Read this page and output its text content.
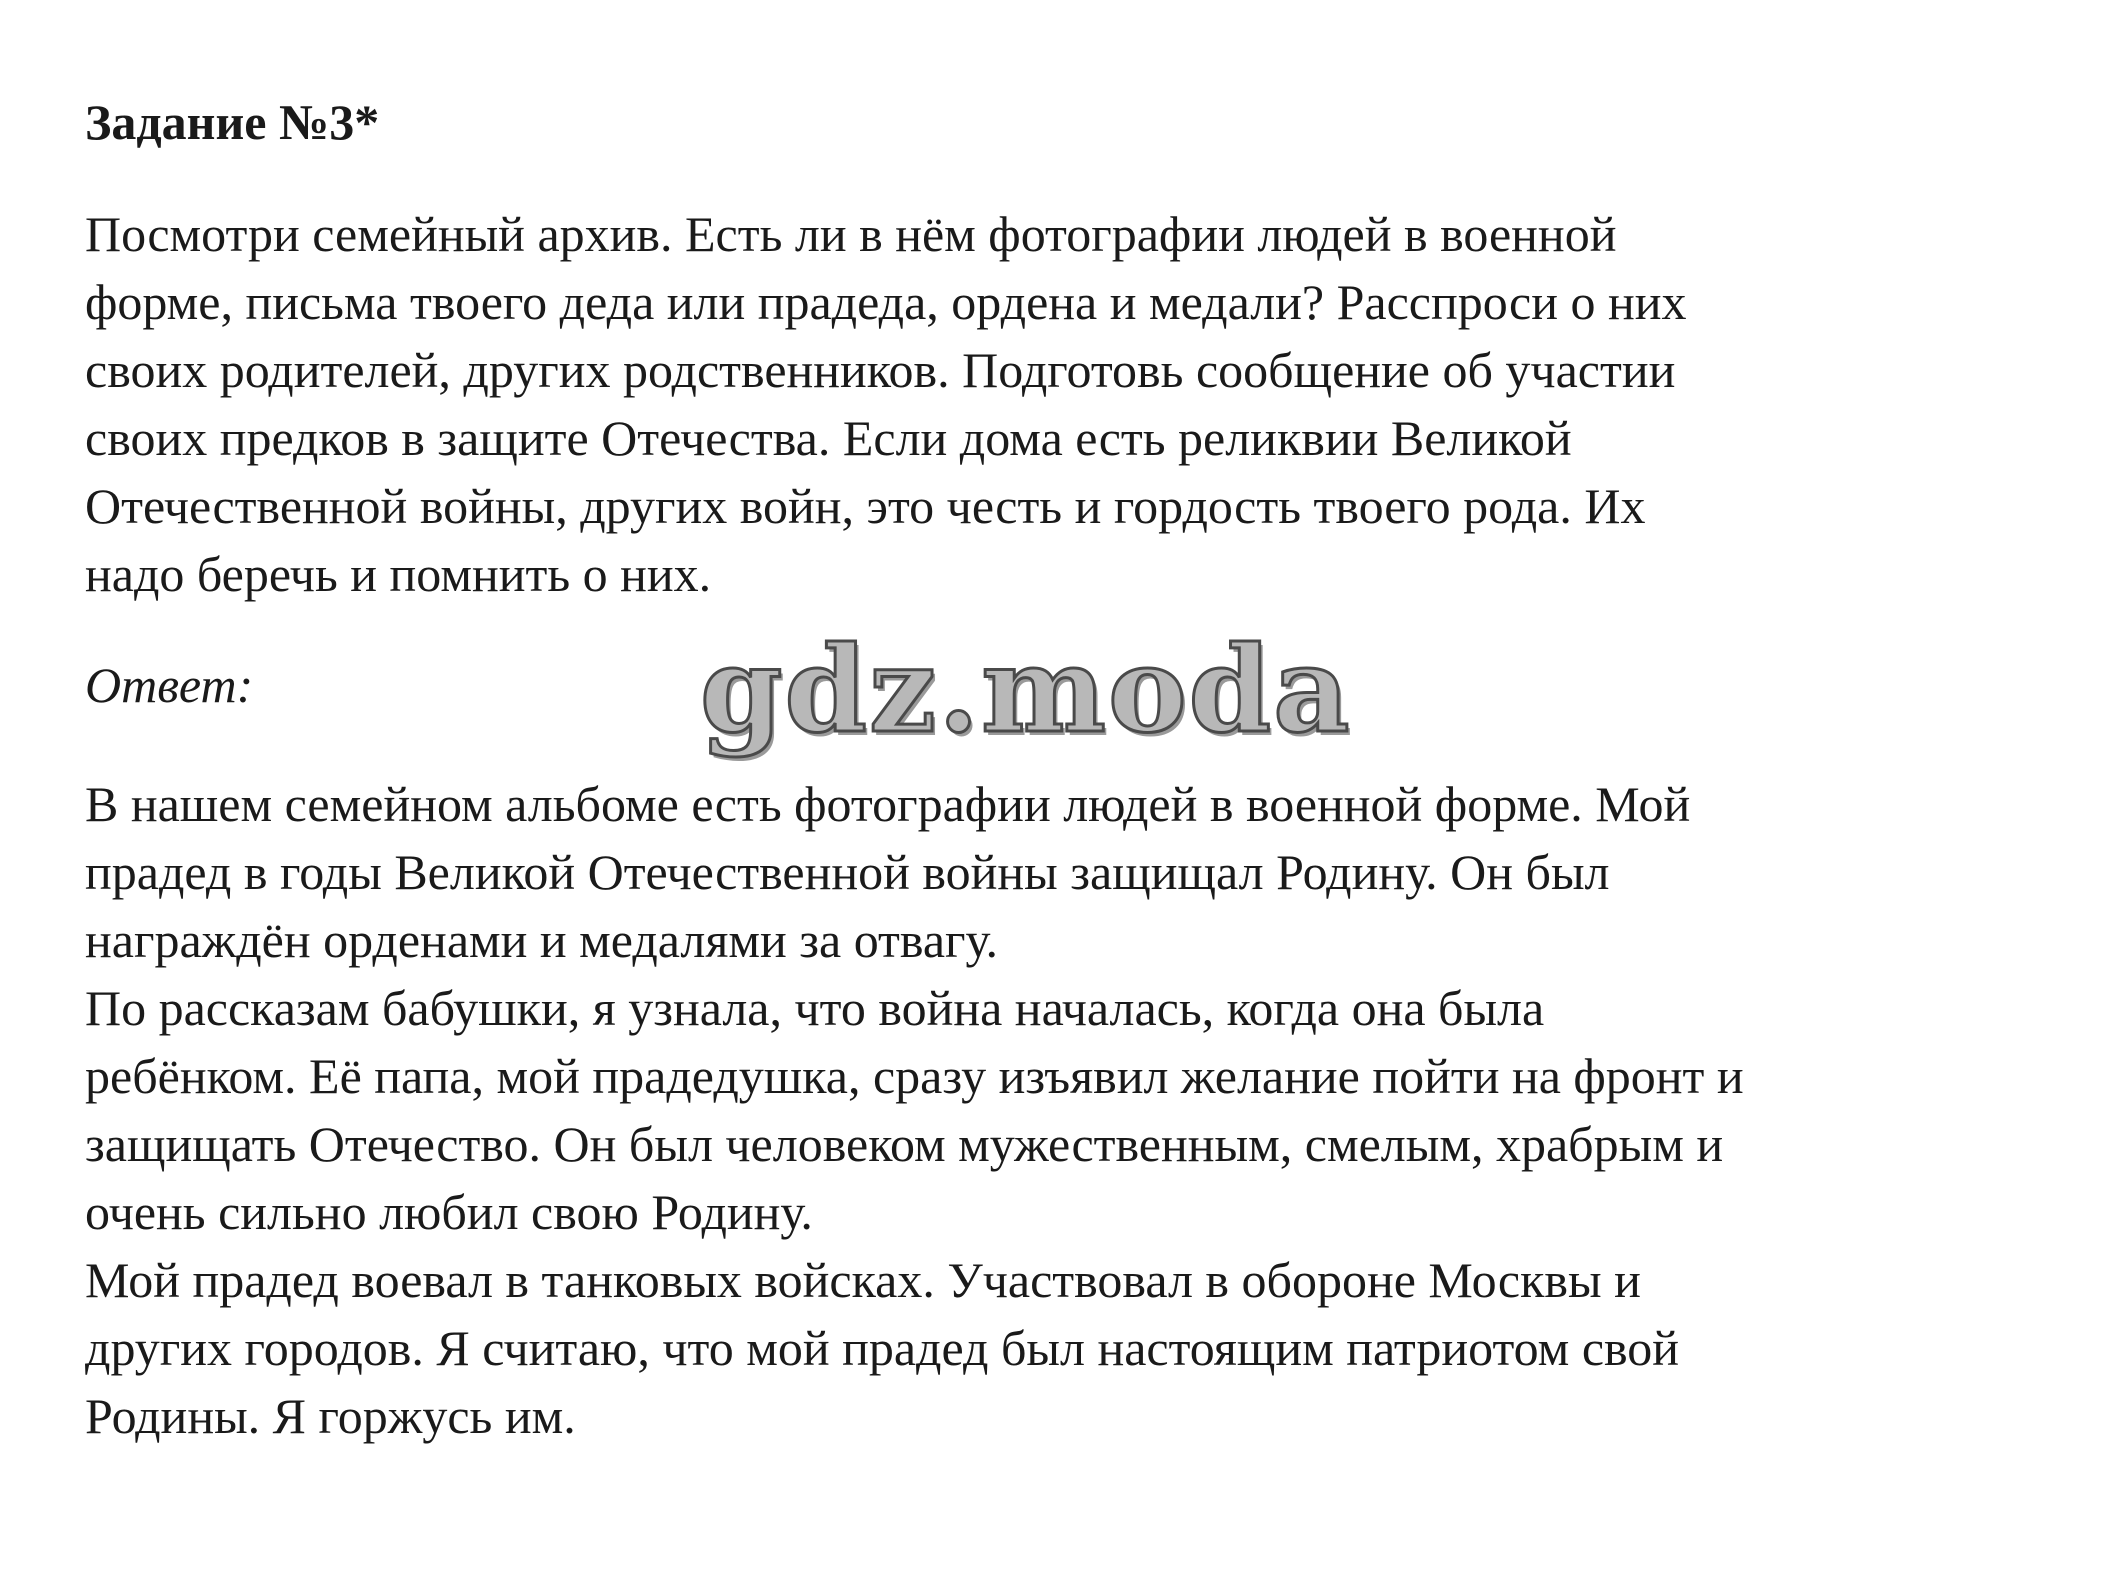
Задание №3*

Посмотри семейный архив. Есть ли в нём фотографии людей в военной
форме, письма твоего деда или прадеда, ордена и медали? Расспроси о них
своих родителей, других родственников. Подготовь сообщение об участии
своих предков в защите Отечества. Если дома есть реликвии Великой
Отечественной войны, других войн, это честь и гордость твоего рода. Их
надо беречь и помнить о них.

Ответ:	gdz.moda

В нашем семейном альбоме есть фотографии людей в военной форме. Мой
прадед в годы Великой Отечественной войны защищал Родину. Он был
награждён орденами и медалями за отвагу.

По рассказам бабушки, я узнала, что война началась, когда она была
ребёнком. Её папа, мой прадедушка, сразу изъявил желание пойти на фронт и
защищать Отечество. Он был человеком мужественным, смелым, храбрым и
очень сильно любил свою Родину.

Мой прадед воевал в танковых войсках. Участвовал в обороне Москвы и
других городов. Я считаю, что мой прадед был настоящим патриотом свой
Родины. Я горжусь им.
